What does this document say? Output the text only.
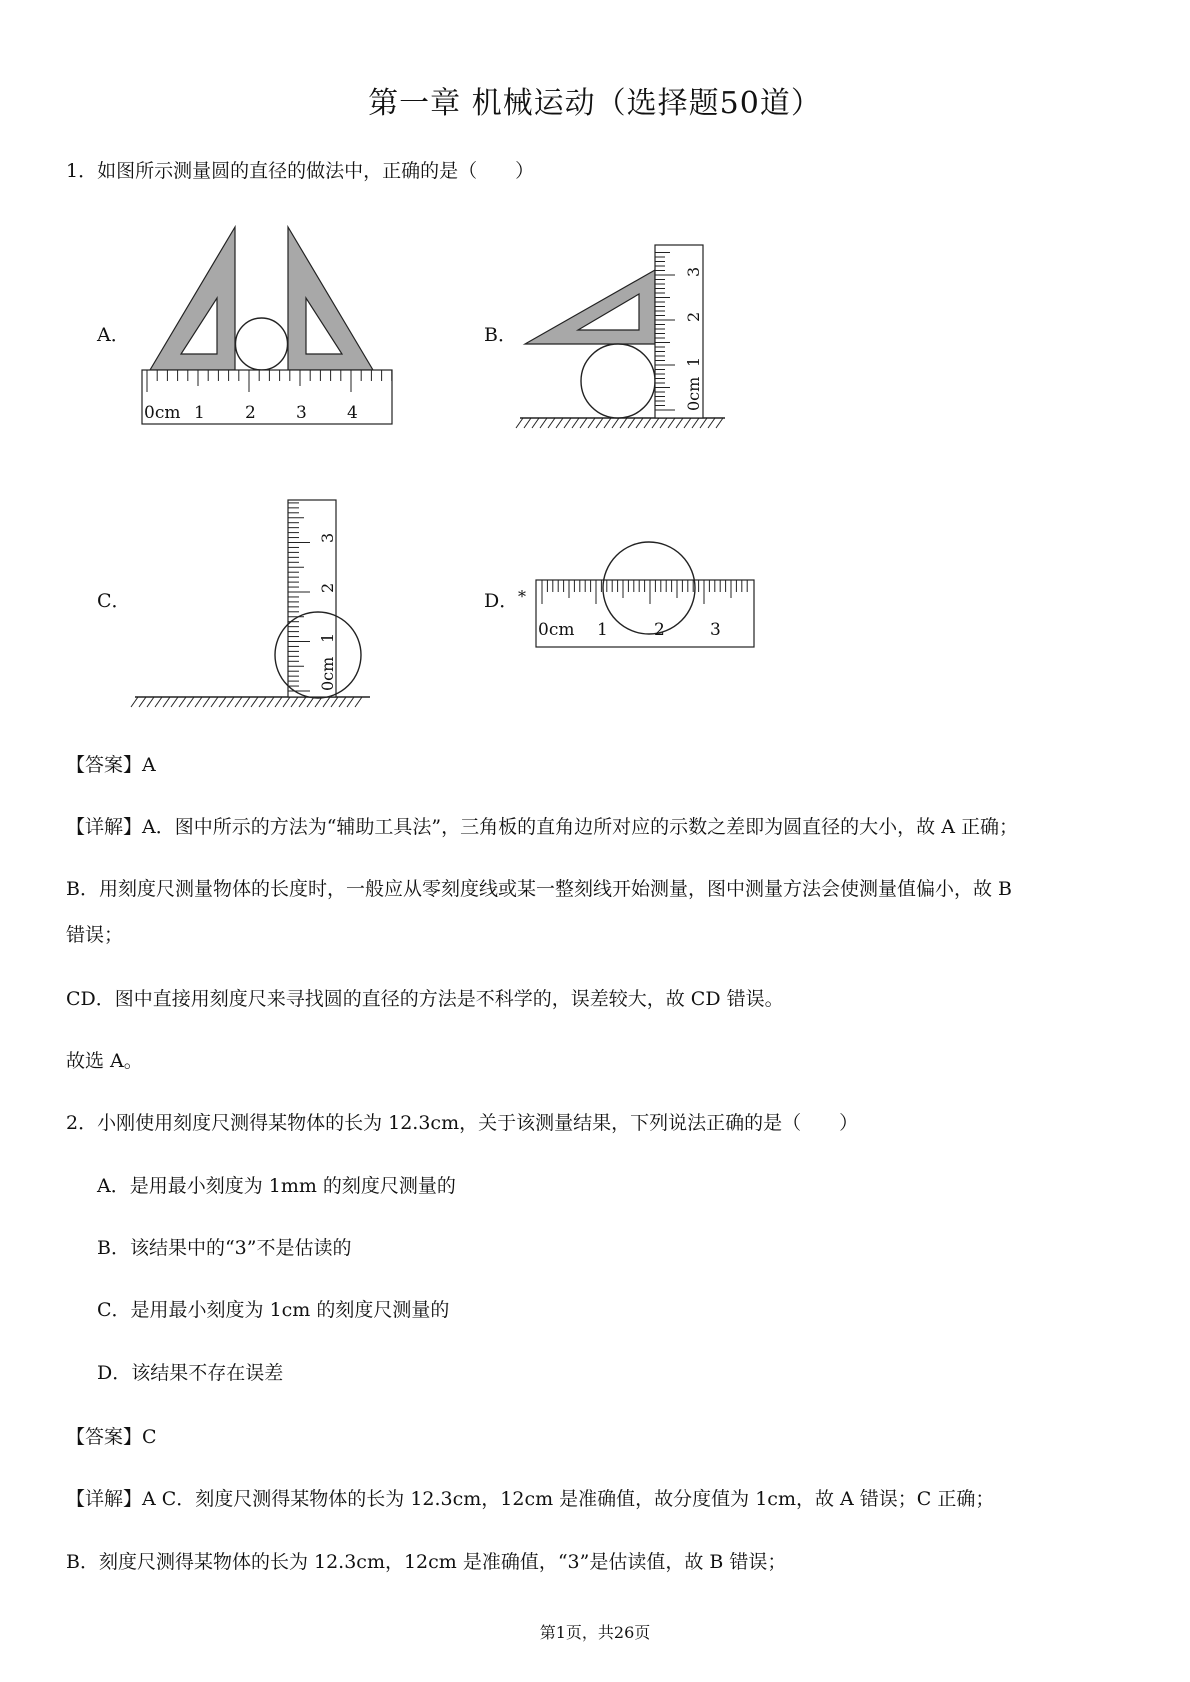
第一章 机械运动（选择题50道）
1．如图所示测量圆的直径的做法中，正确的是（　　）
A．
0cm 1 2 3 4
B．
0cm
1
2
3
C．
0cm
1
2
3
D． *
0cm 1	2	3
【答案】A
【详解】A．图中所示的方法为“辅助工具法”，三角板的直角边所对应的示数之差即为圆直径的大小，故 A 正确；
B．用刻度尺测量物体的长度时，一般应从零刻度线或某一整刻线开始测量，图中测量方法会使测量值偏小，故 B
错误；
CD．图中直接用刻度尺来寻找圆的直径的方法是不科学的，误差较大，故 CD 错误。
故选 A。
2．小刚使用刻度尺测得某物体的长为 12.3cm，关于该测量结果，下列说法正确的是（　　）
A．是用最小刻度为 1mm 的刻度尺测量的
B．该结果中的“3”不是估读的
C．是用最小刻度为 1cm 的刻度尺测量的
D．该结果不存在误差
【答案】C
【详解】A C．刻度尺测得某物体的长为 12.3cm，12cm 是准确值，故分度值为 1cm，故 A 错误；C 正确；
B．刻度尺测得某物体的长为 12.3cm，12cm 是准确值，“3”是估读值，故 B 错误；
第1页，共26页
